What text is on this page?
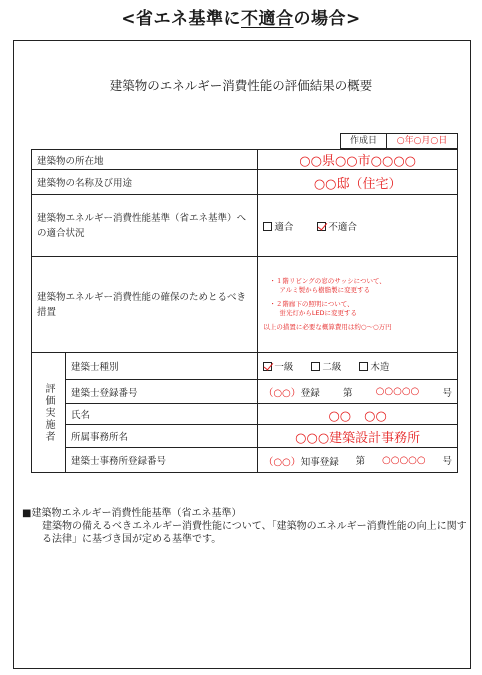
<省エネ基準に不適合の場合>
建築物のエネルギー消費性能の評価結果の概要
作成日	○年○月○日
建築物の所在地		○○県○○市○○○○
建築物の名称及び用途		○○邸（住宅）
建築物エネルギー消費性能基準（省エネ基準）への適合状況		適合 不適合

建築物エネルギー消費性能の確保のためとるべき措置		・１階リビングの窓のサッシについて、

アルミ製から樹脂製に変更する

・２階廊下の照明について、

蛍光灯からLEDに変更する

以上の措置に必要な概算費用は約○～○万円

評価実施者	建築士種別	一級 二級 木造

	建築士登録番号	（○○）登録 第 ○○○○○ 号

	氏名	○○　○○
	所属事務所名	○○○建築設計事務所
	建築士事務所登録番号	（○○）知事登録 第 ○○○○○ 号
■建築物エネルギー消費性能基準（省エネ基準）
建築物の備えるべきエネルギー消費性能について、「建築物のエネルギー消費性能の向上に関する法律」に基づき国が定める基準です。
